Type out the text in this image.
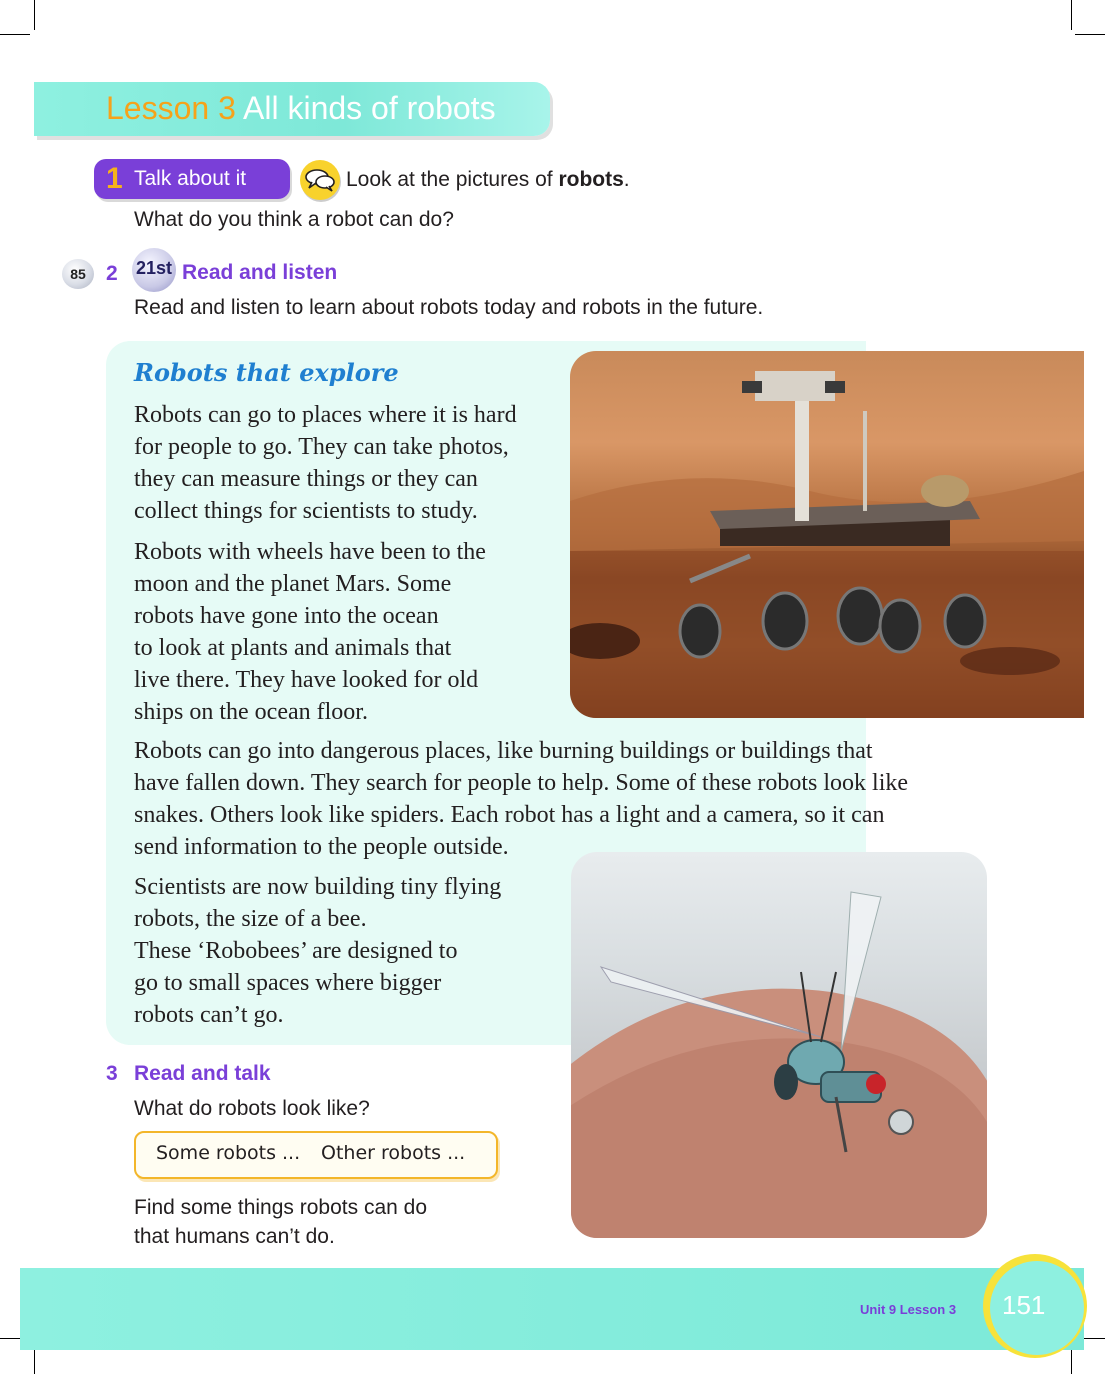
Lesson 3 All kinds of robots
1 Talk about it	Look at the pictures of robots.
What do you think a robot can do?
85 2 21st Read and listen
Read and listen to learn about robots today and robots in the future.
Robots that explore
Robots can go to places where it is hard
for people to go. They can take photos,
they can measure things or they can
collect things for scientists to study.
Robots with wheels have been to the
moon and the planet Mars. Some
robots have gone into the ocean
to look at plants and animals that
live there. They have looked for old
ships on the ocean floor.
Robots can go into dangerous places, like burning buildings or buildings that
have fallen down. They search for people to help. Some of these robots look like
snakes. Others look like spiders. Each robot has a light and a camera, so it can
send information to the people outside.
Scientists are now building tiny flying
robots, the size of a bee.
These ‘Robobees’ are designed to
go to small spaces where bigger
robots can’t go.
3 Read and talk
What do robots look like?
Some robots ... Other robots ...
Find some things robots can do
that humans can’t do.
Unit 9 Lesson 3 151
